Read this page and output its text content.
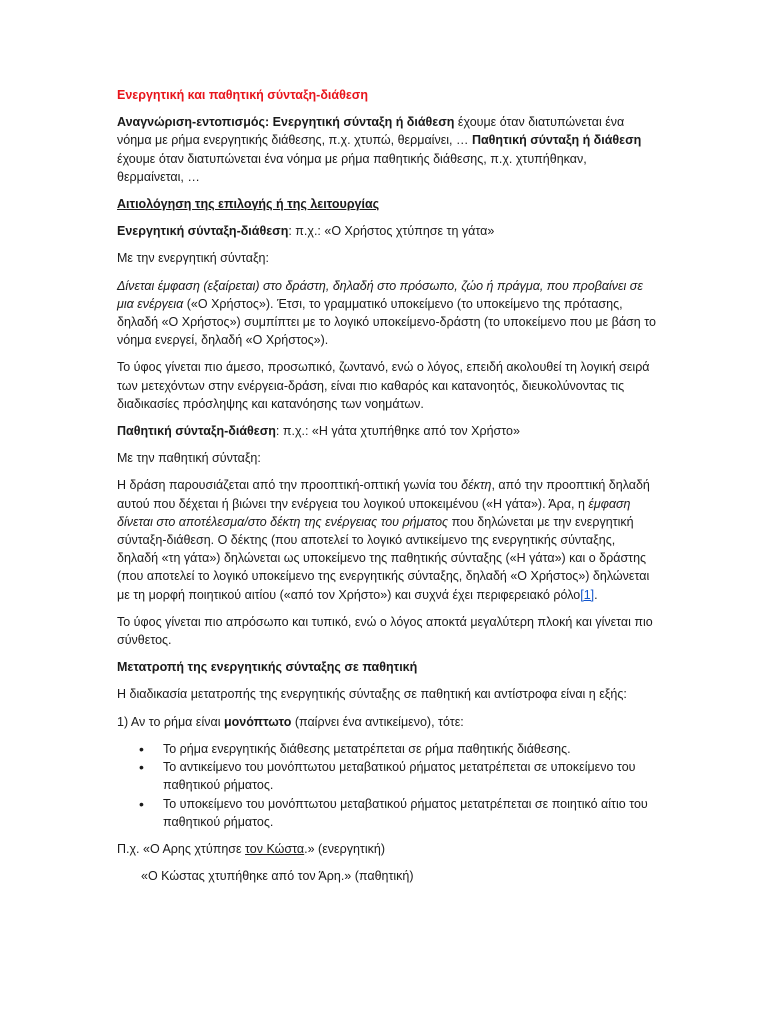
Ενεργητική και παθητική σύνταξη-διάθεση

Αναγνώριση-εντοπισμός: Ενεργητική σύνταξη ή διάθεση έχουμε όταν διατυπώνεται ένα νόημα με ρήμα ενεργητικής διάθεσης, π.χ. χτυπώ, θερμαίνει, … Παθητική σύνταξη ή διάθεση έχουμε όταν διατυπώνεται ένα νόημα με ρήμα παθητικής διάθεσης, π.χ. χτυπήθηκαν, θερμαίνεται, …

Αιτιολόγηση της επιλογής ή της λειτουργίας

Ενεργητική σύνταξη-διάθεση: π.χ.: «Ο Χρήστος χτύπησε τη γάτα»

Με την ενεργητική σύνταξη:

Δίνεται έμφαση (εξαίρεται) στο δράστη, δηλαδή στο πρόσωπο, ζώο ή πράγμα, που προβαίνει σε μια ενέργεια («Ο Χρήστος»). Έτσι, το γραμματικό υποκείμενο (το υποκείμενο της πρότασης, δηλαδή «Ο Χρήστος») συμπίπτει με το λογικό υποκείμενο-δράστη (το υποκείμενο που με βάση το νόημα ενεργεί, δηλαδή «Ο Χρήστος»).

Το ύφος γίνεται πιο άμεσο, προσωπικό, ζωντανό, ενώ ο λόγος, επειδή ακολουθεί τη λογική σειρά των μετεχόντων στην ενέργεια-δράση, είναι πιο καθαρός και κατανοητός, διευκολύνοντας τις διαδικασίες πρόσληψης και κατανόησης των νοημάτων.

Παθητική σύνταξη-διάθεση: π.χ.: «Η γάτα χτυπήθηκε από τον Χρήστο»

Με την παθητική σύνταξη:

Η δράση παρουσιάζεται από την προοπτική-οπτική γωνία του δέκτη, από την προοπτική δηλαδή αυτού που δέχεται ή βιώνει την ενέργεια του λογικού υποκειμένου («Η γάτα»). Άρα, η έμφαση δίνεται στο αποτέλεσμα/στο δέκτη της ενέργειας του ρήματος που δηλώνεται με την ενεργητική σύνταξη-διάθεση. Ο δέκτης (που αποτελεί το λογικό αντικείμενο της ενεργητικής σύνταξης, δηλαδή «τη γάτα») δηλώνεται ως υποκείμενο της παθητικής σύνταξης («Η γάτα») και ο δράστης (που αποτελεί το λογικό υποκείμενο της ενεργητικής σύνταξης, δηλαδή «Ο Χρήστος») δηλώνεται με τη μορφή ποιητικού αιτίου («από τον Χρήστο») και συχνά έχει περιφερειακό ρόλο[1].

Το ύφος γίνεται πιο απρόσωπο και τυπικό, ενώ ο λόγος αποκτά μεγαλύτερη πλοκή και γίνεται πιο σύνθετος.

Μετατροπή της ενεργητικής σύνταξης σε παθητική

Η διαδικασία μετατροπής της ενεργητικής σύνταξης σε παθητική και αντίστροφα είναι η εξής:

1) Αν το ρήμα είναι μονόπτωτο (παίρνει ένα αντικείμενο), τότε:

• Το ρήμα ενεργητικής διάθεσης μετατρέπεται σε ρήμα παθητικής διάθεσης.
• Το αντικείμενο του μονόπτωτου μεταβατικού ρήματος μετατρέπεται σε υποκείμενο του παθητικού ρήματος.
• Το υποκείμενο του μονόπτωτου μεταβατικού ρήματος μετατρέπεται σε ποιητικό αίτιο του παθητικού ρήματος.

Π.χ. «Ο Αρης χτύπησε τον Κώστα.» (ενεργητική)

«Ο Κώστας χτυπήθηκε από τον Άρη.» (παθητική)
